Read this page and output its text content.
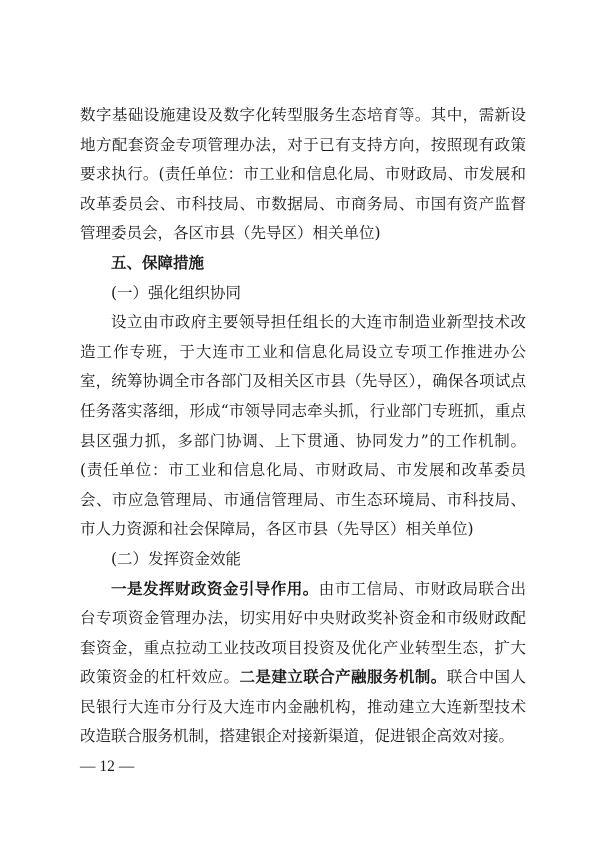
数字基础设施建设及数字化转型服务生态培育等。其中，需新设地方配套资金专项管理办法，对于已有支持方向，按照现有政策要求执行。(责任单位：市工业和信息化局、市财政局、市发展和改革委员会、市科技局、市数据局、市商务局、市国有资产监督管理委员会，各区市县（先导区）相关单位)

五、保障措施

(一）强化组织协同

设立由市政府主要领导担任组长的大连市制造业新型技术改造工作专班，于大连市工业和信息化局设立专项工作推进办公室，统筹协调全市各部门及相关区市县（先导区），确保各项试点任务落实落细，形成“市领导同志牵头抓，行业部门专班抓，重点县区强力抓，多部门协调、上下贯通、协同发力”的工作机制。(责任单位：市工业和信息化局、市财政局、市发展和改革委员会、市应急管理局、市通信管理局、市生态环境局、市科技局、市人力资源和社会保障局，各区市县（先导区）相关单位)

(二）发挥资金效能

一是发挥财政资金引导作用。由市工信局、市财政局联合出台专项资金管理办法，切实用好中央财政奖补资金和市级财政配套资金，重点拉动工业技改项目投资及优化产业转型生态，扩大政策资金的杠杆效应。二是建立联合产融服务机制。联合中国人民银行大连市分行及大连市内金融机构，推动建立大连新型技术改造联合服务机制，搭建银企对接新渠道，促进银企高效对接。

— 12 —
